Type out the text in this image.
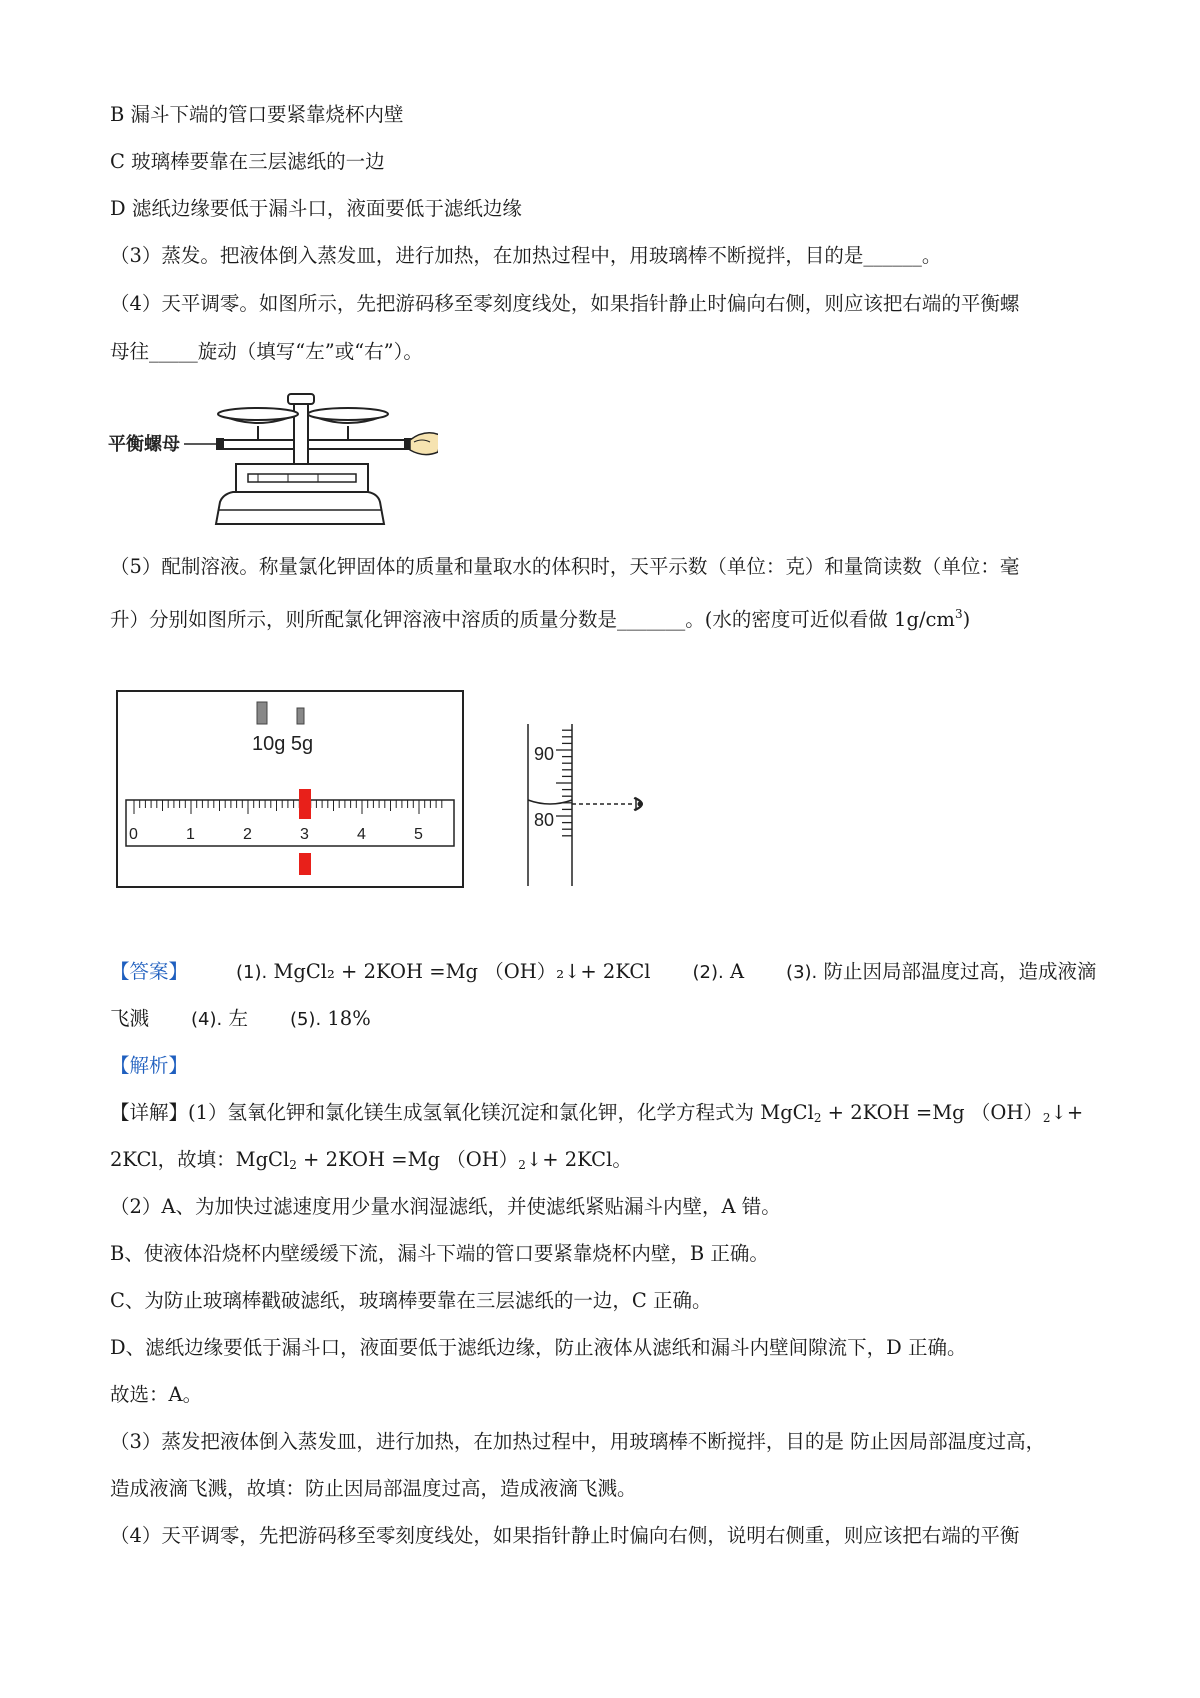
B 漏斗下端的管口要紧靠烧杯内壁
C 玻璃棒要靠在三层滤纸的一边
D 滤纸边缘要低于漏斗口，液面要低于滤纸边缘
（3）蒸发。把液体倒入蒸发皿，进行加热，在加热过程中，用玻璃棒不断搅拌，目的是______。
（4）天平调零。如图所示，先把游码移至零刻度线处，如果指针静止时偏向右侧，则应该把右端的平衡螺
母往_____旋动（填写“左”或“右”）。
平衡螺母
（5）配制溶液。称量氯化钾固体的质量和量取水的体积时，天平示数（单位：克）和量筒读数（单位：毫
升）分别如图所示，则所配氯化钾溶液中溶质的质量分数是_______。(水的密度可近似看做 $1g/cm^3$)
10g 5g
0	1	2	3	4	5
90
80
【答案】	(1). MgCl₂ + 2KOH =Mg （OH）₂↓+ 2KCl (2). A (3). 防止因局部温度过高，造成液滴
飞溅 (4). 左 (5). 18%
【解析】
【详解】(1）氢氧化钾和氯化镁生成氢氧化镁沉淀和氯化钾，化学方程式为 MgCl$_2$ + 2KOH =Mg $(OH)_2↓+$
2KCl，故填：MgCl$_2$ + 2KOH =Mg $(OH)_2↓+ 2KCl$。
（2）A、为加快过滤速度用少量水润湿滤纸，并使滤纸紧贴漏斗内壁，A 错。
B、使液体沿烧杯内壁缓缓下流，漏斗下端的管口要紧靠烧杯内壁，B 正确。
C、为防止玻璃棒戳破滤纸，玻璃棒要靠在三层滤纸的一边，C 正确。
D、滤纸边缘要低于漏斗口，液面要低于滤纸边缘，防止液体从滤纸和漏斗内壁间隙流下，D 正确。
故选：A。
（3）蒸发把液体倒入蒸发皿，进行加热，在加热过程中，用玻璃棒不断搅拌，目的是 防止因局部温度过高，
造成液滴飞溅，故填：防止因局部温度过高，造成液滴飞溅。
（4）天平调零，先把游码移至零刻度线处，如果指针静止时偏向右侧，说明右侧重，则应该把右端的平衡
